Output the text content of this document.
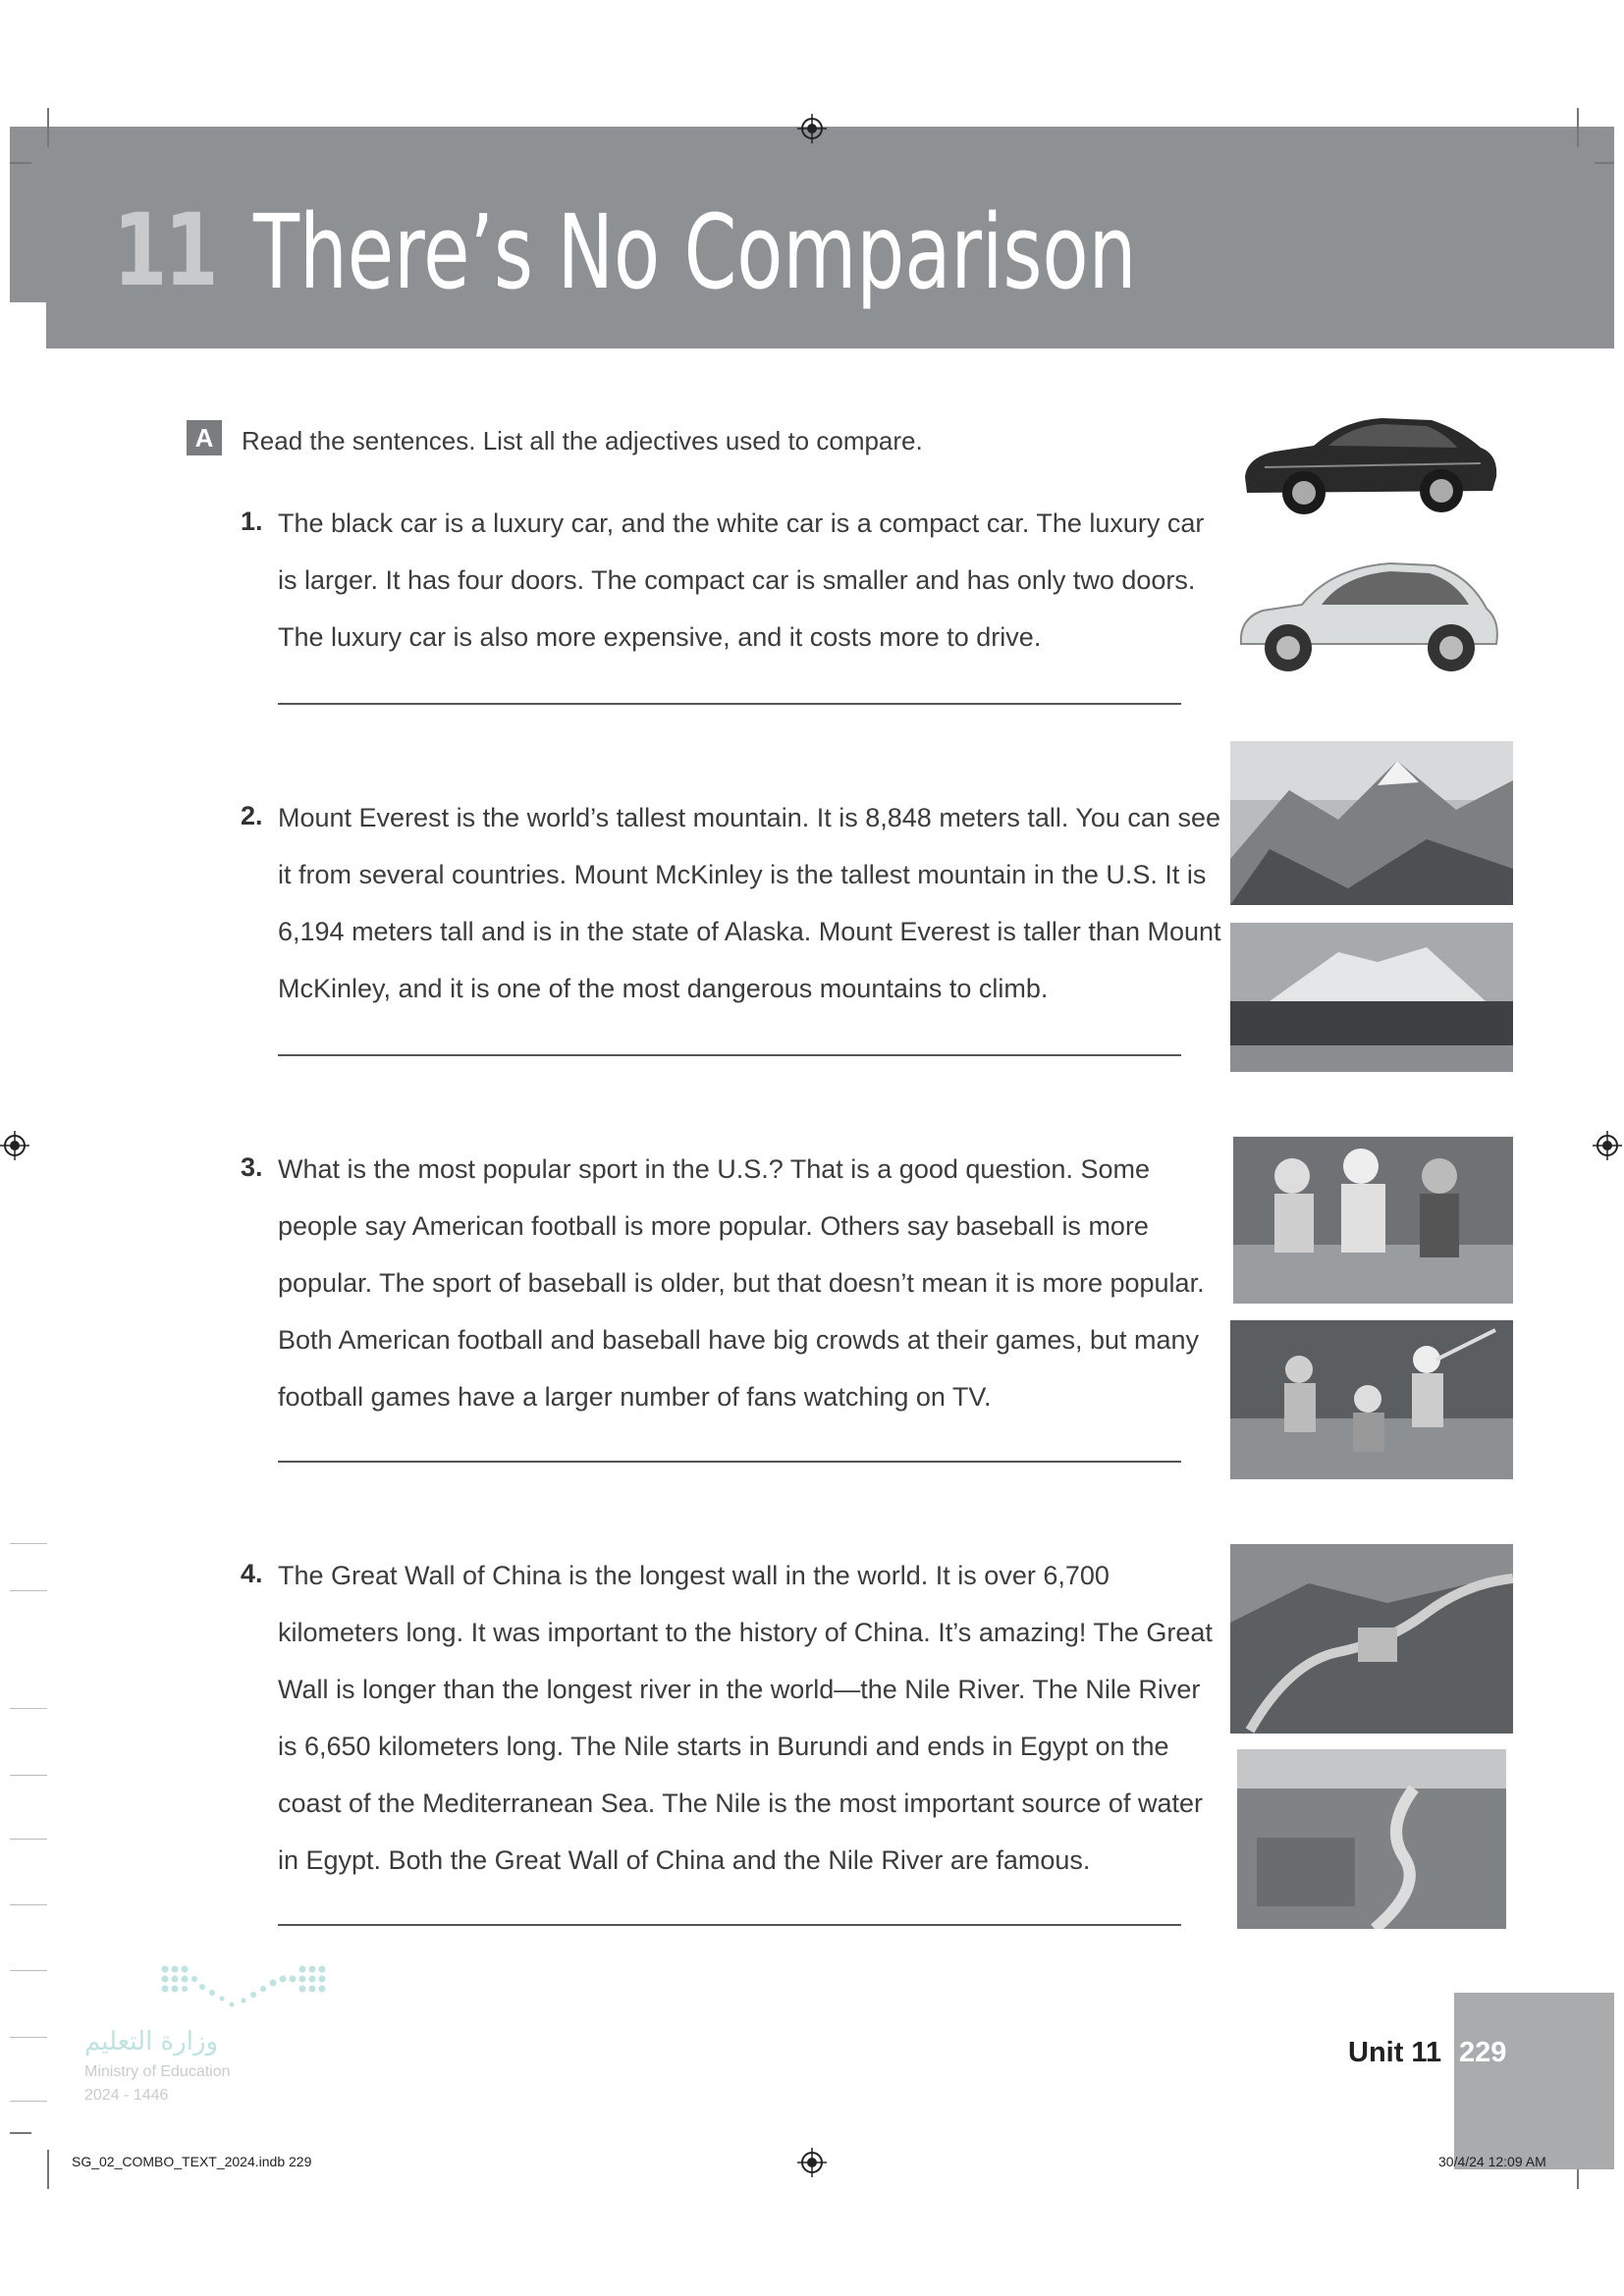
11 There’s No Comparison
A	Read the sentences. List all the adjectives used to compare.
1. The black car is a luxury car, and the white car is a compact car. The luxury car
is larger. It has four doors. The compact car is smaller and has only two doors.
The luxury car is also more expensive, and it costs more to drive.
2. Mount Everest is the world’s tallest mountain. It is 8,848 meters tall. You can see
it from several countries. Mount McKinley is the tallest mountain in the U.S. It is
6,194 meters tall and is in the state of Alaska. Mount Everest is taller than Mount
McKinley, and it is one of the most dangerous mountains to climb.
3. What is the most popular sport in the U.S.? That is a good question. Some
people say American football is more popular. Others say baseball is more
popular. The sport of baseball is older, but that doesn’t mean it is more popular.
Both American football and baseball have big crowds at their games, but many
football games have a larger number of fans watching on TV.
4. The Great Wall of China is the longest wall in the world. It is over 6,700
kilometers long. It was important to the history of China. It’s amazing! The Great
Wall is longer than the longest river in the world—the Nile River. The Nile River
is 6,650 kilometers long. The Nile starts in Burundi and ends in Egypt on the
coast of the Mediterranean Sea. The Nile is the most important source of water
in Egypt. Both the Great Wall of China and the Nile River are famous.
Unit 11 229
SG_02_COMBO_TEXT_2024.indb 229	30/4/24 12:09 AM
وزارة التعليم
Ministry of Education
2024 - 1446
